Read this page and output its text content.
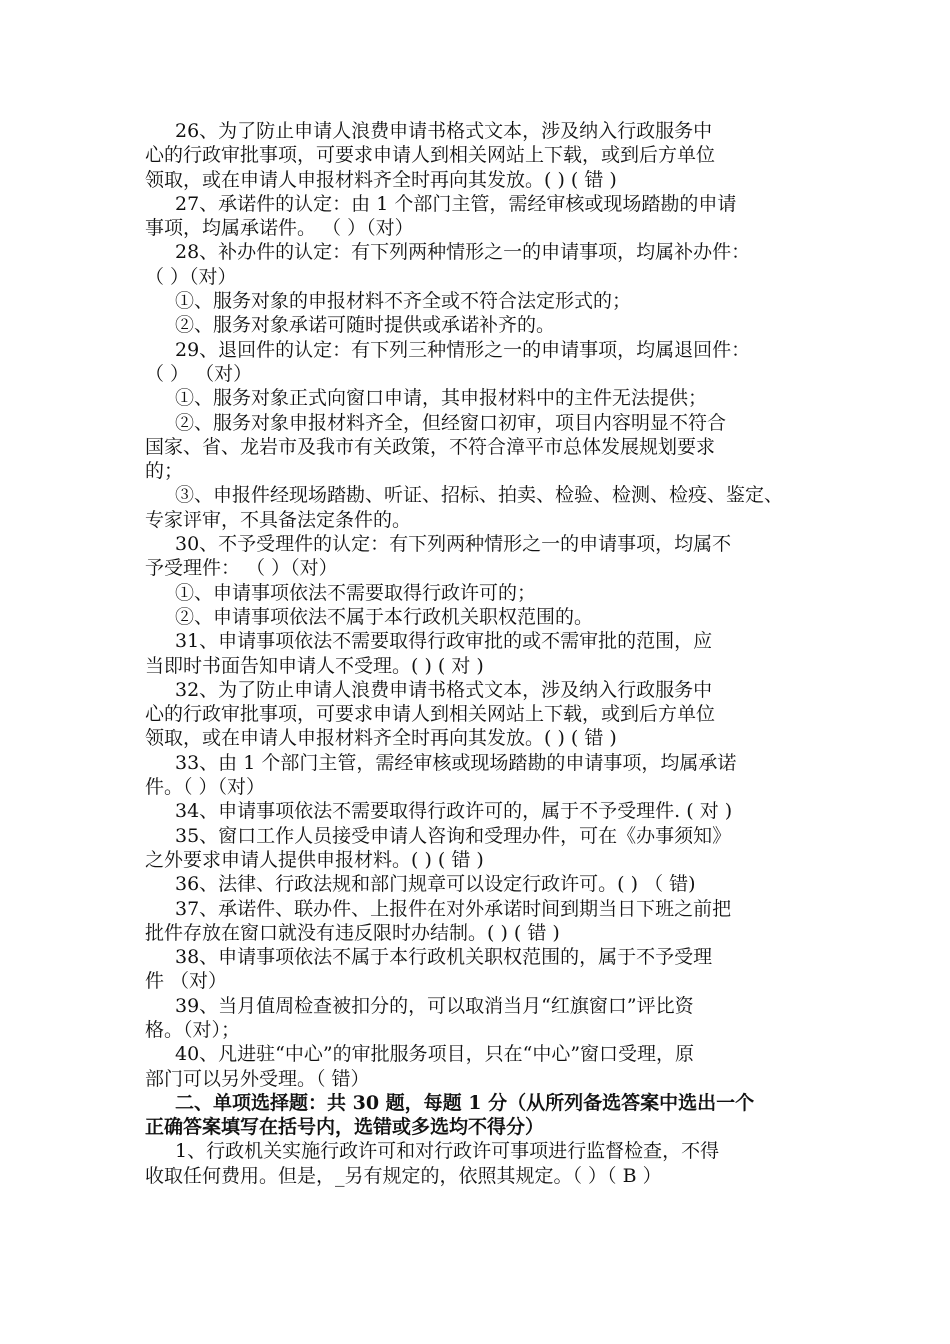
26、为了防止申请人浪费申请书格式文本，涉及纳入行政服务中
心的行政审批事项，可要求申请人到相关网站上下载，或到后方单位
领取，或在申请人申报材料齐全时再向其发放。( ) ( 错 )
27、承诺件的认定：由 1 个部门主管，需经审核或现场踏勘的申请
事项，均属承诺件。 （ ）（对）
28、补办件的认定：有下列两种情形之一的申请事项，均属补办件：
（ ）（对）
①、服务对象的申报材料不齐全或不符合法定形式的；
②、服务对象承诺可随时提供或承诺补齐的。
29、退回件的认定：有下列三种情形之一的申请事项，均属退回件：
（ ） （对）
①、服务对象正式向窗口申请，其申报材料中的主件无法提供；
②、服务对象申报材料齐全，但经窗口初审，项目内容明显不符合
国家、省、龙岩市及我市有关政策，不符合漳平市总体发展规划要求
的；
③、申报件经现场踏勘、听证、招标、拍卖、检验、检测、检疫、鉴定、
专家评审，不具备法定条件的。
30、不予受理件的认定：有下列两种情形之一的申请事项，均属不
予受理件： （ ）（对）
①、申请事项依法不需要取得行政许可的；
②、申请事项依法不属于本行政机关职权范围的。
31、申请事项依法不需要取得行政审批的或不需审批的范围，应
当即时书面告知申请人不受理。( ) ( 对 )
32、为了防止申请人浪费申请书格式文本，涉及纳入行政服务中
心的行政审批事项，可要求申请人到相关网站上下载，或到后方单位
领取，或在申请人申报材料齐全时再向其发放。( ) ( 错 )
33、由 1 个部门主管，需经审核或现场踏勘的申请事项，均属承诺
件。（ ）（对）
34、申请事项依法不需要取得行政许可的，属于不予受理件. ( 对 )
35、窗口工作人员接受申请人咨询和受理办件，可在《办事须知》
之外要求申请人提供申报材料。( ) ( 错 )
36、法律、行政法规和部门规章可以设定行政许可。( ) （ 错)
37、承诺件、联办件、上报件在对外承诺时间到期当日下班之前把
批件存放在窗口就没有违反限时办结制。( ) ( 错 )
38、申请事项依法不属于本行政机关职权范围的，属于不予受理
件 （对）
39、当月值周检查被扣分的，可以取消当月“红旗窗口”评比资
格。（对）；
40、凡进驻“中心”的审批服务项目，只在“中心”窗口受理，原
部门可以另外受理。（ 错）
二、单项选择题：共 30 题，每题 1 分（从所列备选答案中选出一个
正确答案填写在括号内，选错或多选均不得分）
1、行政机关实施行政许可和对行政许可事项进行监督检查，不得
收取任何费用。但是，_另有规定的，依照其规定。（ ）（ B ）
